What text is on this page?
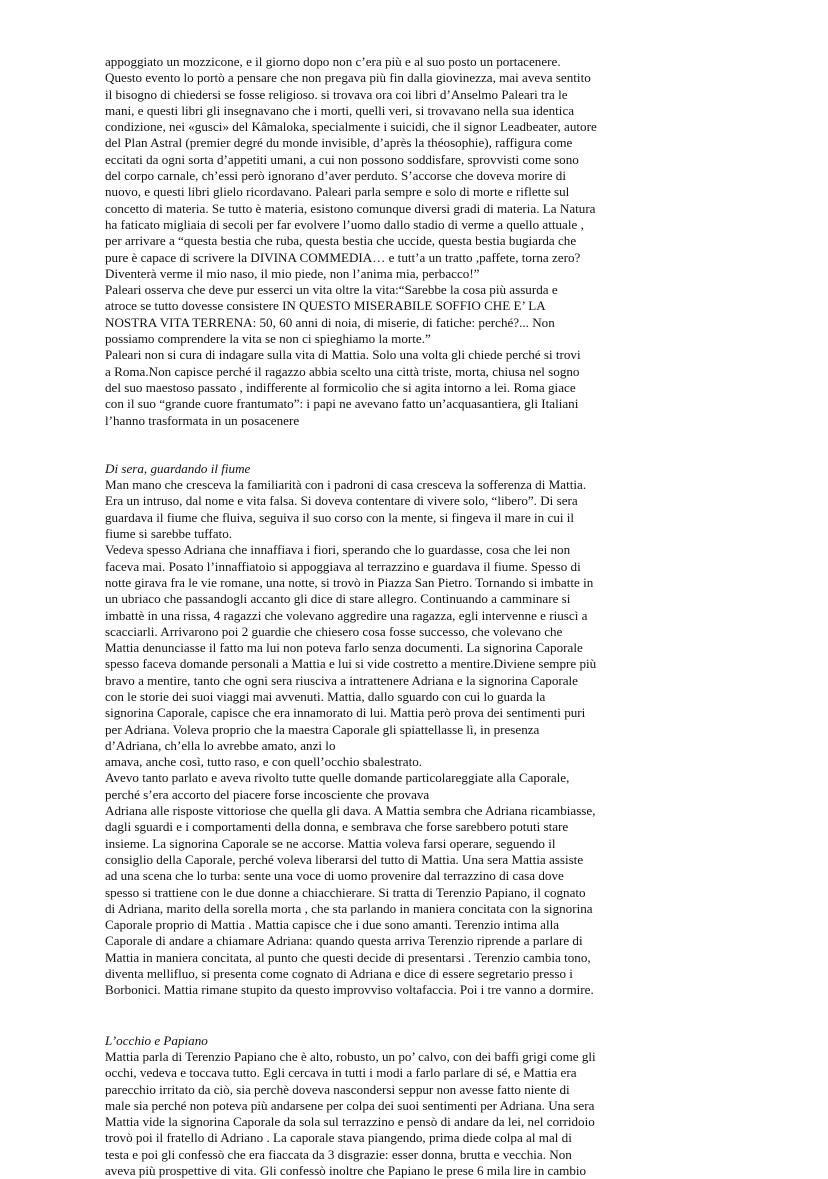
appoggiato un mozzicone, e il giorno dopo non c’era più e al suo posto un portacenere.
Questo evento lo portò a pensare che non pregava più fin dalla giovinezza, mai aveva sentito
il bisogno di chiedersi se fosse religioso. si trovava ora coi libri d’Anselmo Paleari tra le
mani, e questi libri gli insegnavano che i morti, quelli veri, si trovavano nella sua identica
condizione, nei «gusci» del Kâmaloka, specialmente i suicidi, che il signor Leadbeater, autore
del Plan Astral (premier degré du monde invisible, d’après la théosophie), raffigura come
eccitati da ogni sorta d’appetiti umani, a cui non possono soddisfare, sprovvisti come sono
del corpo carnale, ch’essi però ignorano d’aver perduto. S’accorse che doveva morire di
nuovo, e questi libri glielo ricordavano. Paleari parla sempre e solo di morte e riflette sul
concetto di materia. Se tutto è materia, esistono comunque diversi gradi di materia. La Natura
ha faticato migliaia di secoli per far evolvere l’uomo dallo stadio di verme a quello attuale ,
per arrivare a “questa bestia che ruba, questa bestia che uccide, questa bestia bugiarda che
pure è capace di scrivere la DIVINA COMMEDIA… e tutt’a un tratto ,paffete, torna zero?
Diventerà verme il mio naso, il mio piede, non l’anima mia, perbacco!”
Paleari osserva che deve pur esserci un vita oltre la vita:“Sarebbe la cosa più assurda e
atroce se tutto dovesse consistere IN QUESTO MISERABILE SOFFIO CHE E’ LA
NOSTRA VITA TERRENA: 50, 60 anni di noia, di miserie, di fatiche: perché?... Non
possiamo comprendere la vita se non ci spieghiamo la morte.”
Paleari non si cura di indagare sulla vita di Mattia. Solo una volta gli chiede perché si trovi
a Roma.Non capisce perché il ragazzo abbia scelto una città triste, morta, chiusa nel sogno
del suo maestoso passato , indifferente al formicolio che si agita intorno a lei. Roma giace
con il suo “grande cuore frantumato”: i papi ne avevano fatto un’acquasantiera, gli Italiani
l’hanno trasformata in un posacenere
Di sera, guardando il fiume
Man mano che cresceva la familiarità con i padroni di casa cresceva la sofferenza di Mattia.
Era un intruso, dal nome e vita falsa. Si doveva contentare di vivere solo, “libero”. Di sera
guardava il fiume che fluiva, seguiva il suo corso con la mente, si fingeva il mare in cui il
fiume si sarebbe tuffato.
Vedeva spesso Adriana che innaffiava i fiori, sperando che lo guardasse, cosa che lei non
faceva mai. Posato l’innaffiatoio si appoggiava al terrazzino e guardava il fiume. Spesso di
notte girava fra le vie romane, una notte, si trovò in Piazza San Pietro. Tornando si imbatte in
un ubriaco che passandogli accanto gli dice di stare allegro. Continuando a camminare si
imbattè in una rissa, 4 ragazzi che volevano aggredire una ragazza, egli intervenne e riuscì a
scacciarli. Arrivarono poi 2 guardie che chiesero cosa fosse successo, che volevano che
Mattia denunciasse il fatto ma lui non poteva farlo senza documenti. La signorina Caporale
spesso faceva domande personali a Mattia e lui si vide costretto a mentire.Diviene sempre più
bravo a mentire, tanto che ogni sera riusciva a intrattenere Adriana e la signorina Caporale
con le storie dei suoi viaggi mai avvenuti. Mattia, dallo sguardo con cui lo guarda la
signorina Caporale, capisce che era innamorato di lui. Mattia però prova dei sentimenti puri
per Adriana. Voleva proprio che la maestra Caporale gli spiattellasse lì, in presenza
d’Adriana, ch’ella lo avrebbe amato, anzi lo
amava, anche così, tutto raso, e con quell’occhio sbalestrato.
Avevo tanto parlato e aveva rivolto tutte quelle domande particolareggiate alla Caporale,
perché s’era accorto del piacere forse incosciente che provava
Adriana alle risposte vittoriose che quella gli dava. A Mattia sembra che Adriana ricambiasse,
dagli sguardi e i comportamenti della donna, e sembrava che forse sarebbero potuti stare
insieme. La signorina Caporale se ne accorse. Mattia voleva farsi operare, seguendo il
consiglio della Caporale, perché voleva liberarsi del tutto di Mattia. Una sera Mattia assiste
ad una scena che lo turba: sente una voce di uomo provenire dal terrazzino di casa dove
spesso si trattiene con le due donne a chiacchierare. Si tratta di Terenzio Papiano, il cognato
di Adriana, marito della sorella morta , che sta parlando in maniera concitata con la signorina
Caporale proprio di Mattia . Mattia capisce che i due sono amanti. Terenzio intima alla
Caporale di andare a chiamare Adriana: quando questa arriva Terenzio riprende a parlare di
Mattia in maniera concitata, al punto che questi decide di presentarsi . Terenzio cambia tono,
diventa mellifluo, si presenta come cognato di Adriana e dice di essere segretario presso i
Borbonici. Mattia rimane stupito da questo improvviso voltafaccia. Poi i tre vanno a dormire.
L’occhio e Papiano
Mattia parla di Terenzio Papiano che è alto, robusto, un po’ calvo, con dei baffi grigi come gli
occhi, vedeva e toccava tutto. Egli cercava in tutti i modi a farlo parlare di sé, e Mattia era
parecchio irritato da ciò, sia perchè doveva nascondersi seppur non avesse fatto niente di
male sia perché non poteva più andarsene per colpa dei suoi sentimenti per Adriana. Una sera
Mattia vide la signorina Caporale da sola sul terrazzino e pensò di andare da lei, nel corridoio
trovò poi il fratello di Adriano . La caporale stava piangendo, prima diede colpa al mal di
testa e poi gli confessò che era fiaccata da 3 disgrazie: esser donna, brutta e vecchia. Non
aveva più prospettive di vita. Gli confessò inoltre che Papiano le prese 6 mila lire in cambio
